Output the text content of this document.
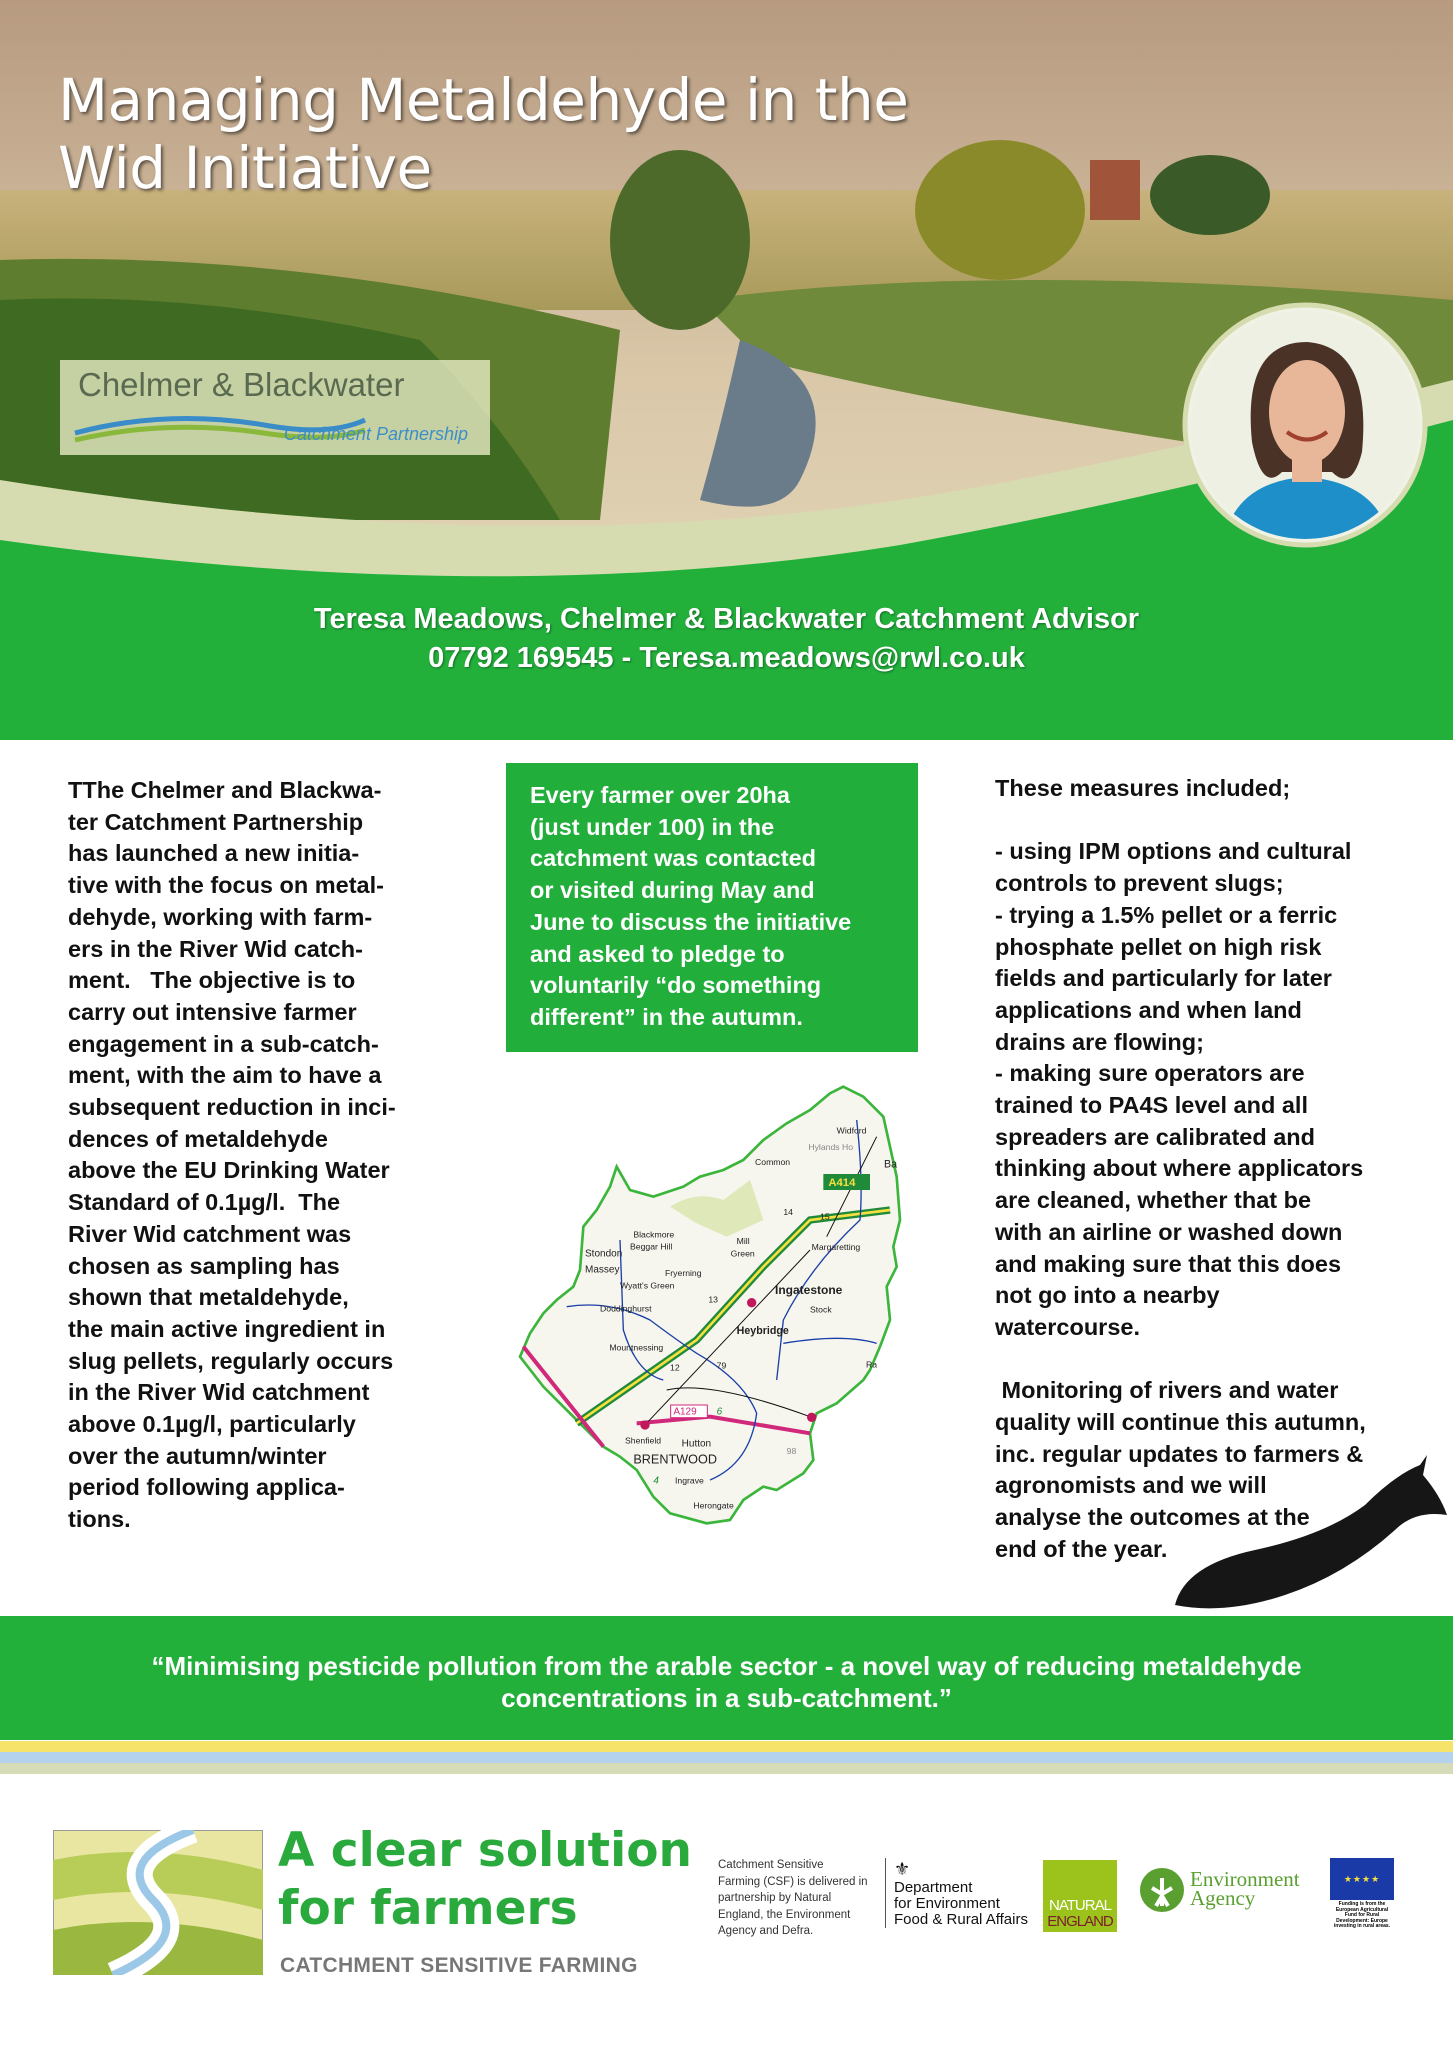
Managing Metaldehyde in the
Wid Initiative
Chelmer & Blackwater
Catchment Partnership
Teresa Meadows, Chelmer & Blackwater Catchment Advisor
07792 169545 - Teresa.meadows@rwl.co.uk
TThe Chelmer and Blackwa-
ter Catchment Partnership
has launched a new initia-
tive with the focus on metal-
dehyde, working with farm-
ers in the River Wid catch-
ment.   The objective is to
carry out intensive farmer
engagement in a sub-catch-
ment, with the aim to have a
subsequent reduction in inci-
dences of metaldehyde
above the EU Drinking Water
Standard of 0.1µg/l.  The
River Wid catchment was
chosen as sampling has
shown that metaldehyde,
the main active ingredient in
slug pellets, regularly occurs
in the River Wid catchment
above 0.1µg/l, particularly
over the autumn/winter
period following applica-
tions.
Every farmer over 20ha
(just under 100) in the
catchment was contacted
or visited during May and
June to discuss the initiative
and asked to pledge to
voluntarily “do something
different” in the autumn.
Widford
Hylands Ho
Common
A414
14 15
Blackmore
Beggar Hill
Stondon
Massey
Mill
Green
Margaretting
Fryerning
Wyatt's Green	Ingatestone
Doddinghurst
13
Stock
Heybridge
Mountnessing
79
12
A129 6
Shenfield Hutton
BRENTWOOD
98
4 Ingrave
Herongate
Ba
Ra
These measures included;
- using IPM options and cultural
controls to prevent slugs;
- trying a 1.5% pellet or a ferric
phosphate pellet on high risk
fields and particularly for later
applications and when land
drains are flowing;
- making sure operators are
trained to PA4S level and all
spreaders are calibrated and
thinking about where applicators
are cleaned, whether that be
with an airline or washed down
and making sure that this does
not go into a nearby
watercourse.
Monitoring of rivers and water
quality will continue this autumn,
inc. regular updates to farmers &
agronomists and we will
analyse the outcomes at the
end of the year.
“Minimising pesticide pollution from the arable sector - a novel way of reducing metaldehyde
concentrations in a sub-catchment.”
A clear solution
for farmers
CATCHMENT SENSITIVE FARMING
Catchment Sensitive Farming (CSF) is delivered in partnership by Natural England, the Environment Agency and Defra.
⚜
Department
for Environment
Food & Rural Affairs
NATURAL
ENGLAND
Environment
Agency
★★★★
Funding is from the European Agricultural Fund for Rural Development: Europe investing in rural areas.
